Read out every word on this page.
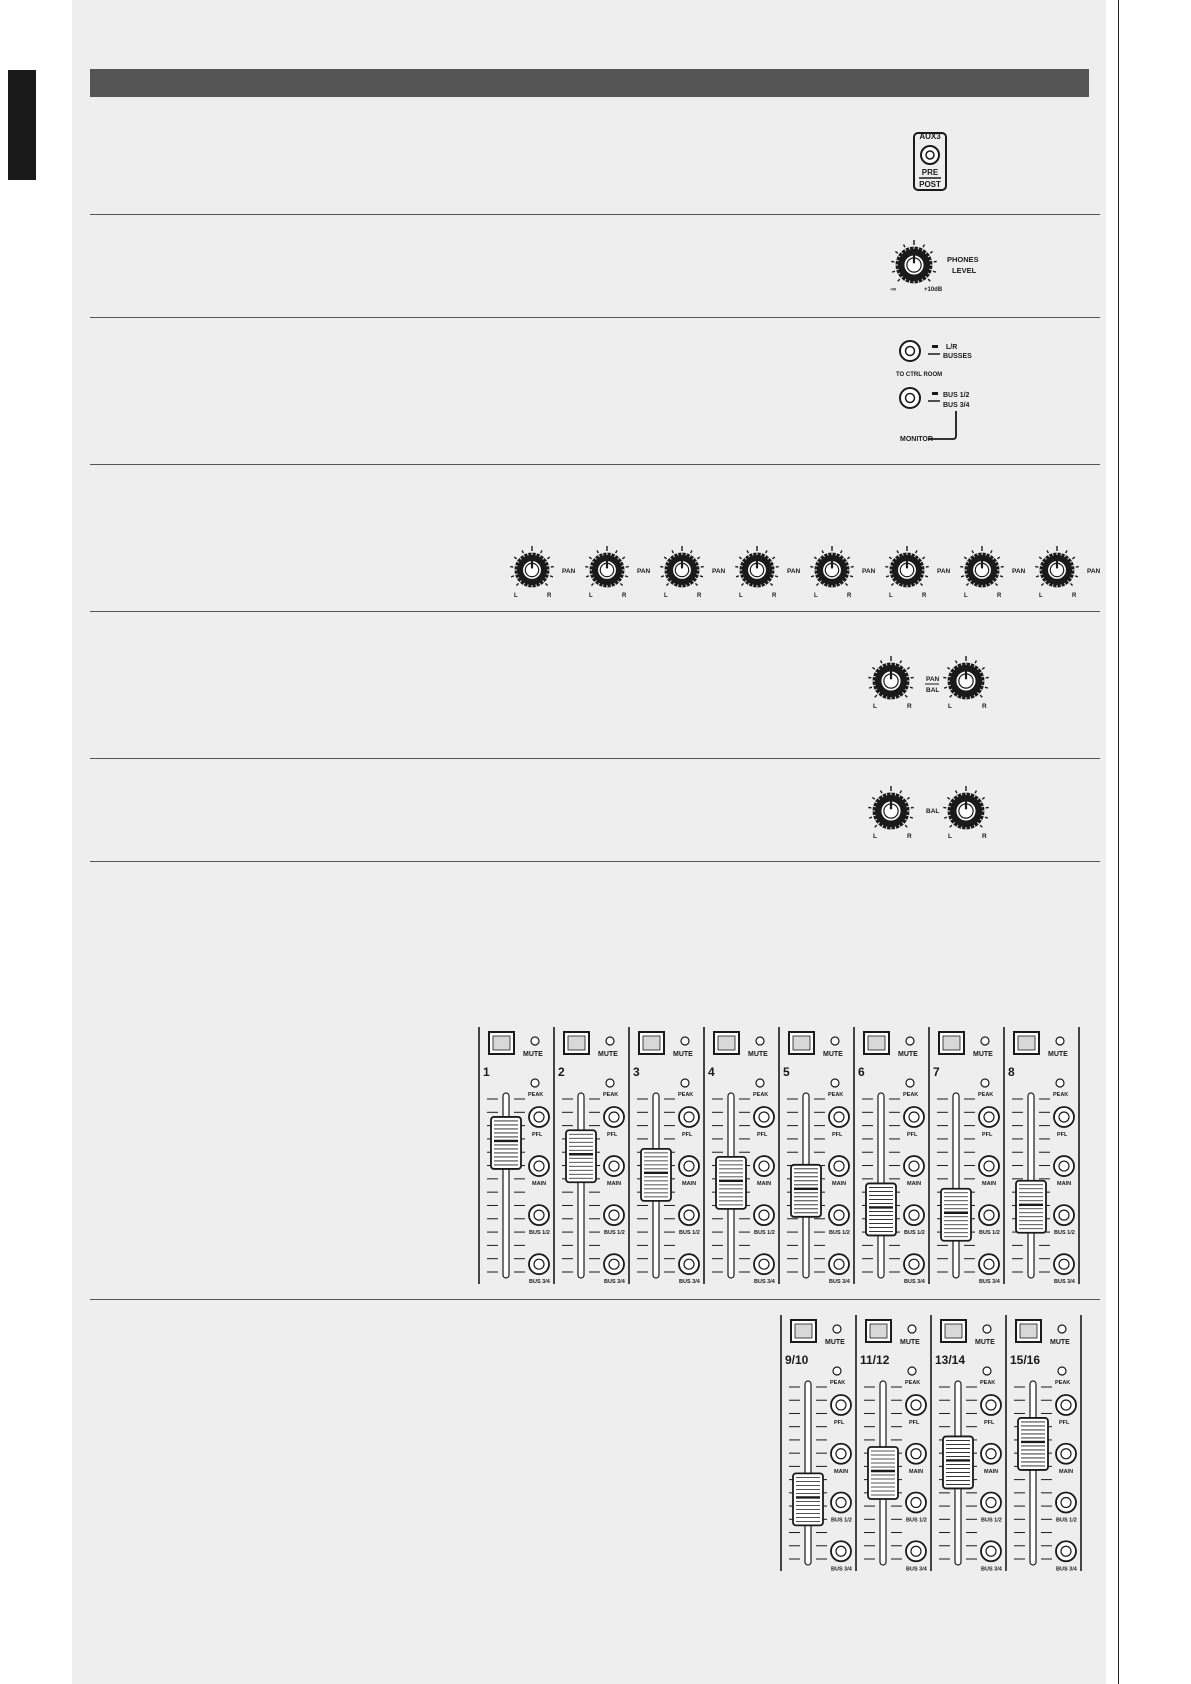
AUX3
PRE
POST
PHONES
LEVEL
-∞	+10dB
L/R
BUSSES
TO CTRL ROOM
BUS 1/2
BUS 3/4
MONITOR
L	R
PAN
L	R
PAN
L	R
PAN
L	R
PAN
L	R
PAN
L	R
PAN
L	R
PAN
L	R
PAN
L	R
PAN
BAL
L	R
L	R
BAL
L	R
MUTE
1
PEAK
PFL
MAIN
BUS 1/2
BUS 3/4
MUTE
2
PEAK
PFL
MAIN
BUS 1/2
BUS 3/4
MUTE
3
PEAK
PFL
MAIN
BUS 1/2
BUS 3/4
MUTE
4
PEAK
PFL
MAIN
BUS 1/2
BUS 3/4
MUTE
5
PEAK
PFL
MAIN
BUS 1/2
BUS 3/4
MUTE
6
PEAK
PFL
MAIN
BUS 1/2
BUS 3/4
MUTE
7
PEAK
PFL
MAIN
BUS 1/2
BUS 3/4
MUTE
8
PEAK
PFL
MAIN
BUS 1/2
BUS 3/4
MUTE
9/10
PEAK
PFL
MAIN
BUS 1/2
BUS 3/4
MUTE
11/12
PEAK
PFL
MAIN
BUS 1/2
BUS 3/4
MUTE
13/14
PEAK
PFL
MAIN
BUS 1/2
BUS 3/4
MUTE
15/16
PEAK
PFL
MAIN
BUS 1/2
BUS 3/4
